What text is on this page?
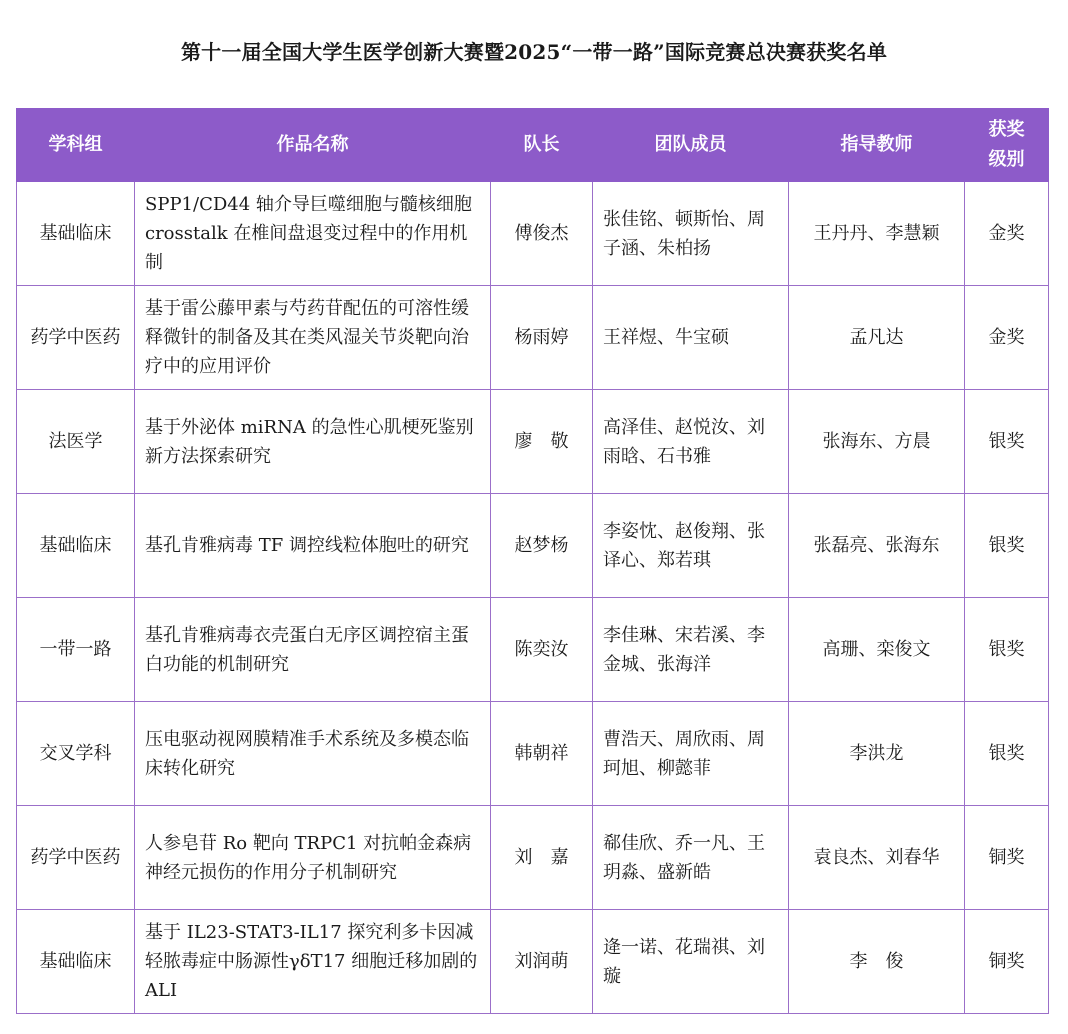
第十一届全国大学生医学创新大赛暨2025“一带一路”国际竞赛总决赛获奖名单
学科组	作品名称	队长	团队成员	指导教师	获奖
级别

基础临床	SPP1/CD44 轴介导巨噬细胞与髓核细胞 crosstalk 在椎间盘退变过程中的作用机制	傅俊杰	张佳铭、顿斯怡、周子涵、朱柏扬	王丹丹、李慧颖	金奖
药学中医药	基于雷公藤甲素与芍药苷配伍的可溶性缓释微针的制备及其在类风湿关节炎靶向治疗中的应用评价	杨雨婷	王祥煜、牛宝硕	孟凡达	金奖
法医学	基于外泌体 miRNA 的急性心肌梗死鉴别新方法探索研究	廖　敬	高泽佳、赵悦汝、刘雨晗、石书雅	张海东、方晨	银奖
基础临床	基孔肯雅病毒 TF 调控线粒体胞吐的研究	赵梦杨	李姿忱、赵俊翔、张译心、郑若琪	张磊亮、张海东	银奖
一带一路	基孔肯雅病毒衣壳蛋白无序区调控宿主蛋白功能的机制研究	陈奕汝	李佳琳、宋若溪、李金城、张海洋	高珊、栾俊文	银奖
交叉学科	压电驱动视网膜精准手术系统及多模态临床转化研究	韩朝祥	曹浩天、周欣雨、周珂旭、柳懿菲	李洪龙	银奖
药学中医药	人参皂苷 Ro 靶向 TRPC1 对抗帕金森病神经元损伤的作用分子机制研究	刘　嘉	郗佳欣、乔一凡、王玥淼、盛新皓	袁良杰、刘春华	铜奖
基础临床	基于 IL23-STAT3-IL17 探究利多卡因减轻脓毒症中肠源性γδT17 细胞迁移加剧的 ALI	刘润萌	逄一诺、花瑞祺、刘　璇	李　俊	铜奖
